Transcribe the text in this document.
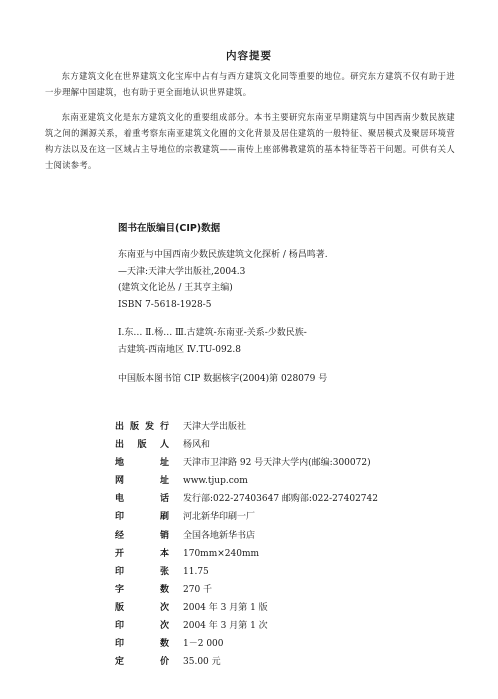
内容提要
东方建筑文化在世界建筑文化宝库中占有与西方建筑文化同等重要的地位。研究东方建筑不仅有助于进一步理解中国建筑，也有助于更全面地认识世界建筑。
东南亚建筑文化是东方建筑文化的重要组成部分。本书主要研究东南亚早期建筑与中国西南少数民族建筑之间的渊源关系，着重考察东南亚建筑文化圈的文化背景及居住建筑的一般特征、聚居模式及聚居环境营构方法以及在这一区域占主导地位的宗教建筑——南传上座部佛教建筑的基本特征等若干问题。可供有关人士阅读参考。
图书在版编目(CIP)数据
东南亚与中国西南少数民族建筑文化探析 / 杨昌鸣著.
—天津:天津大学出版社,2004.3
(建筑文化论丛 / 王其亨主编)
ISBN 7-5618-1928-5
Ⅰ.东… Ⅱ.杨… Ⅲ.古建筑-东南亚-关系-少数民族-
古建筑-西南地区 Ⅳ.TU-092.8
中国版本图书馆 CIP 数据核字(2004)第 028079 号
出版发行 天津大学出版社
出版人 杨风和
地址 天津市卫津路 92 号天津大学内(邮编:300072)
网址 www.tjup.com
电话 发行部:022-27403647 邮购部:022-27402742
印刷 河北新华印刷一厂
经销 全国各地新华书店
开本 170mm×240mm
印张 11.75
字数 270 千
版次 2004 年 3 月第 1 版
印次 2004 年 3 月第 1 次
印数 1－2 000
定价 35.00 元
